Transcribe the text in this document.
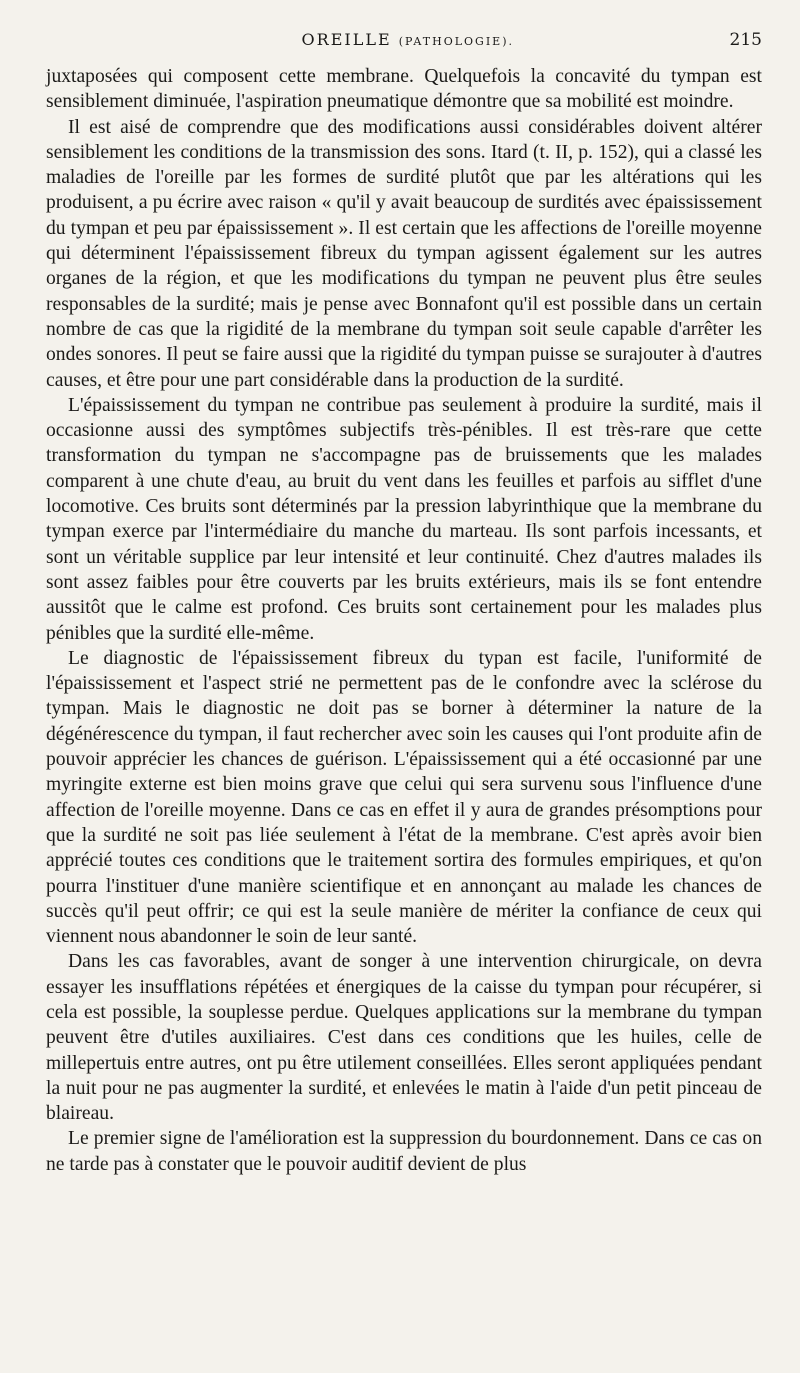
OREILLE (PATHOLOGIE).	215

juxtaposées qui composent cette membrane. Quelquefois la concavité du tympan est sensiblement diminuée, l'aspiration pneumatique démontre que sa mobilité est moindre.

Il est aisé de comprendre que des modifications aussi considérables doivent altérer sensiblement les conditions de la transmission des sons. Itard (t. II, p. 152), qui a classé les maladies de l'oreille par les formes de surdité plutôt que par les altérations qui les produisent, a pu écrire avec raison « qu'il y avait beaucoup de surdités avec épaississement du tympan et peu par épaississement ». Il est certain que les affections de l'oreille moyenne qui déterminent l'épaississement fibreux du tympan agissent également sur les autres organes de la région, et que les modifications du tympan ne peuvent plus être seules responsables de la surdité; mais je pense avec Bonnafont qu'il est possible dans un certain nombre de cas que la rigidité de la membrane du tympan soit seule capable d'arrêter les ondes sonores. Il peut se faire aussi que la rigidité du tympan puisse se surajouter à d'autres causes, et être pour une part considérable dans la production de la surdité.

L'épaississement du tympan ne contribue pas seulement à produire la surdité, mais il occasionne aussi des symptômes subjectifs très-pénibles. Il est très-rare que cette transformation du tympan ne s'accompagne pas de bruissements que les malades comparent à une chute d'eau, au bruit du vent dans les feuilles et parfois au sifflet d'une locomotive. Ces bruits sont déterminés par la pression labyrinthique que la membrane du tympan exerce par l'intermédiaire du manche du marteau. Ils sont parfois incessants, et sont un véritable supplice par leur intensité et leur continuité. Chez d'autres malades ils sont assez faibles pour être couverts par les bruits extérieurs, mais ils se font entendre aussitôt que le calme est profond. Ces bruits sont certainement pour les malades plus pénibles que la surdité elle-même.

Le diagnostic de l'épaississement fibreux du typan est facile, l'uniformité de l'épaississement et l'aspect strié ne permettent pas de le confondre avec la sclérose du tympan. Mais le diagnostic ne doit pas se borner à déterminer la nature de la dégénérescence du tympan, il faut rechercher avec soin les causes qui l'ont produite afin de pouvoir apprécier les chances de guérison. L'épaississement qui a été occasionné par une myringite externe est bien moins grave que celui qui sera survenu sous l'influence d'une affection de l'oreille moyenne. Dans ce cas en effet il y aura de grandes présomptions pour que la surdité ne soit pas liée seulement à l'état de la membrane. C'est après avoir bien apprécié toutes ces conditions que le traitement sortira des formules empiriques, et qu'on pourra l'instituer d'une manière scientifique et en annonçant au malade les chances de succès qu'il peut offrir; ce qui est la seule manière de mériter la confiance de ceux qui viennent nous abandonner le soin de leur santé.

Dans les cas favorables, avant de songer à une intervention chirurgicale, on devra essayer les insufflations répétées et énergiques de la caisse du tympan pour récupérer, si cela est possible, la souplesse perdue. Quelques applications sur la membrane du tympan peuvent être d'utiles auxiliaires. C'est dans ces conditions que les huiles, celle de millepertuis entre autres, ont pu être utilement conseillées. Elles seront appliquées pendant la nuit pour ne pas augmenter la surdité, et enlevées le matin à l'aide d'un petit pinceau de blaireau.

Le premier signe de l'amélioration est la suppression du bourdonnement. Dans ce cas on ne tarde pas à constater que le pouvoir auditif devient de plus
